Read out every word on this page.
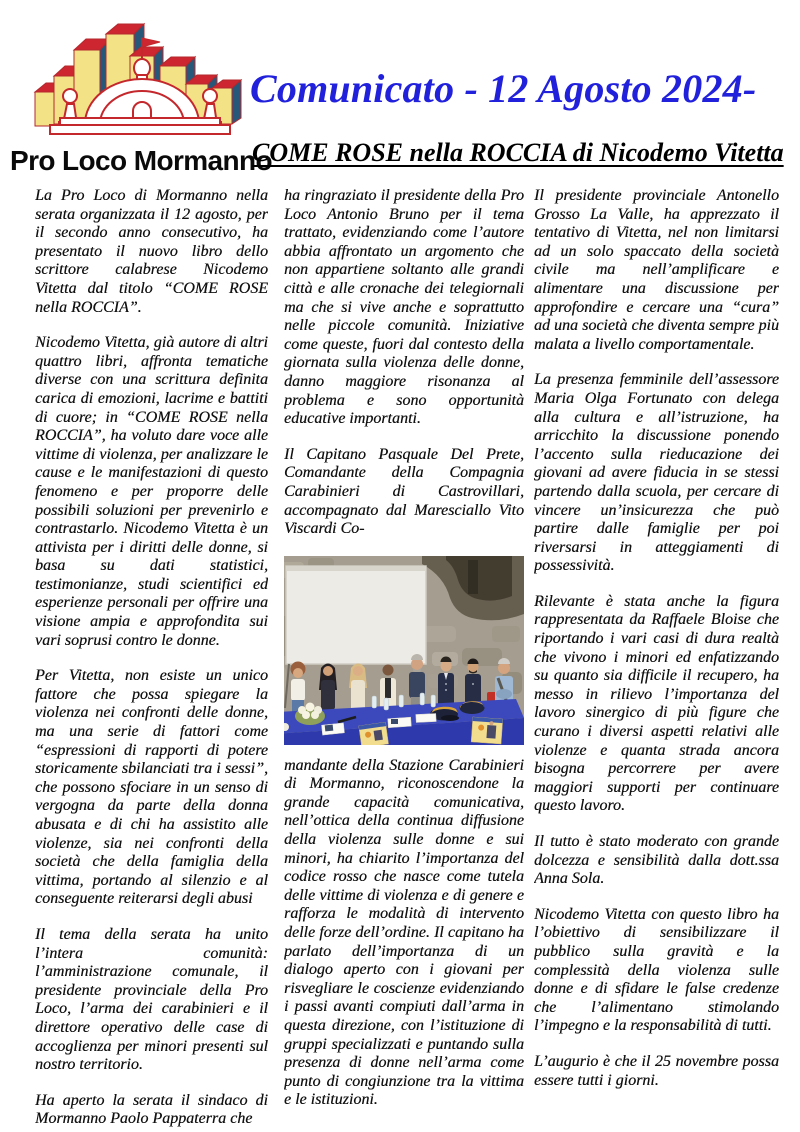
Pro Loco Mormanno
Comunicato - 12 Agosto 2024-
COME ROSE nella ROCCIA di Nicodemo Vitetta

La Pro Loco di Mormanno nella serata organizzata il 12 agosto, per il secondo anno consecutivo, ha presentato il nuovo libro dello scrittore calabrese Nicodemo Vitetta dal titolo “COME ROSE nella ROCCIA”.

Nicodemo Vitetta, già autore di altri quattro libri, affronta tematiche diverse con una scrittura definita carica di emozioni, lacrime e battiti di cuore; in “COME ROSE nella ROCCIA”, ha voluto dare voce alle vittime di violenza, per analizzare le cause e le manifestazioni di questo fenomeno e per proporre delle possibili soluzioni per prevenirlo e contrastarlo. Nicodemo Vitetta è un attivista per i diritti delle donne, si basa su dati statistici, testimonianze, studi scientifici ed esperienze personali per offrire una visione ampia e approfondita sui vari soprusi contro le donne.

Per Vitetta, non esiste un unico fattore che possa spiegare la violenza nei confronti delle donne, ma una serie di fattori come “espressioni di rapporti di potere storicamente sbilanciati tra i sessi”, che possono sfociare in un senso di vergogna da parte della donna abusata e di chi ha assistito alle violenze, sia nei confronti della società che della famiglia della vittima, portando al silenzio e al conseguente reiterarsi degli abusi

Il tema della serata ha unito l’intera comunità: l’amministrazione comunale, il presidente provinciale della Pro Loco, l’arma dei carabinieri e il direttore operativo delle case di accoglienza per minori presenti sul nostro territorio.

Ha aperto la serata il sindaco di Mormanno Paolo Pappaterra che

ha ringraziato il presidente della Pro Loco Antonio Bruno per il tema trattato, evidenziando come l’autore abbia affrontato un argomento che non appartiene soltanto alle grandi città e alle cronache dei telegiornali ma che si vive anche e soprattutto nelle piccole comunità. Iniziative come queste, fuori dal contesto della giornata sulla violenza delle donne, danno maggiore risonanza al problema e sono opportunità educative importanti.

Il Capitano Pasquale Del Prete, Comandante della Compagnia Carabinieri di Castrovillari, accompagnato dal Maresciallo Vito Viscardi Co-

mandante della Stazione Carabinieri di Mormanno, riconoscendone la grande capacità comunicativa, nell’ottica della continua diffusione della violenza sulle donne e sui minori, ha chiarito l’importanza del codice rosso che nasce come tutela delle vittime di violenza e di genere e rafforza le modalità di intervento delle forze dell’ordine. Il capitano ha parlato dell’importanza di un dialogo aperto con i giovani per risvegliare le coscienze evidenziando i passi avanti compiuti dall’arma in questa direzione, con l’istituzione di gruppi specializzati e puntando sulla presenza di donne nell’arma come punto di congiunzione tra la vittima e le istituzioni.

Il presidente provinciale Antonello Grosso La Valle, ha apprezzato il tentativo di Vitetta, nel non limitarsi ad un solo spaccato della società civile ma nell’amplificare e alimentare una discussione per approfondire e cercare una “cura” ad una società che diventa sempre più malata a livello comportamentale.

La presenza femminile dell’assessore Maria Olga Fortunato con delega alla cultura e all’istruzione, ha arricchito la discussione ponendo l’accento sulla rieducazione dei giovani ad avere fiducia in se stessi partendo dalla scuola, per cercare di vincere un’insicurezza che può partire dalle famiglie per poi riversarsi in atteggiamenti di possessività.

Rilevante è stata anche la figura rappresentata da Raffaele Bloise che riportando i vari casi di dura realtà che vivono i minori ed enfatizzando su quanto sia difficile il recupero, ha messo in rilievo l’importanza del lavoro sinergico di più figure che curano i diversi aspetti relativi alle violenze e quanta strada ancora bisogna percorrere per avere maggiori supporti per continuare questo lavoro.

Il tutto è stato moderato con grande dolcezza e sensibilità dalla dott.ssa Anna Sola.

Nicodemo Vitetta con questo libro ha l’obiettivo di sensibilizzare il pubblico sulla gravità e la complessità della violenza sulle donne e di sfidare le false credenze che l’alimentano stimolando l’impegno e la responsabilità di tutti.

L’augurio è che il 25 novembre possa essere tutti i giorni.
